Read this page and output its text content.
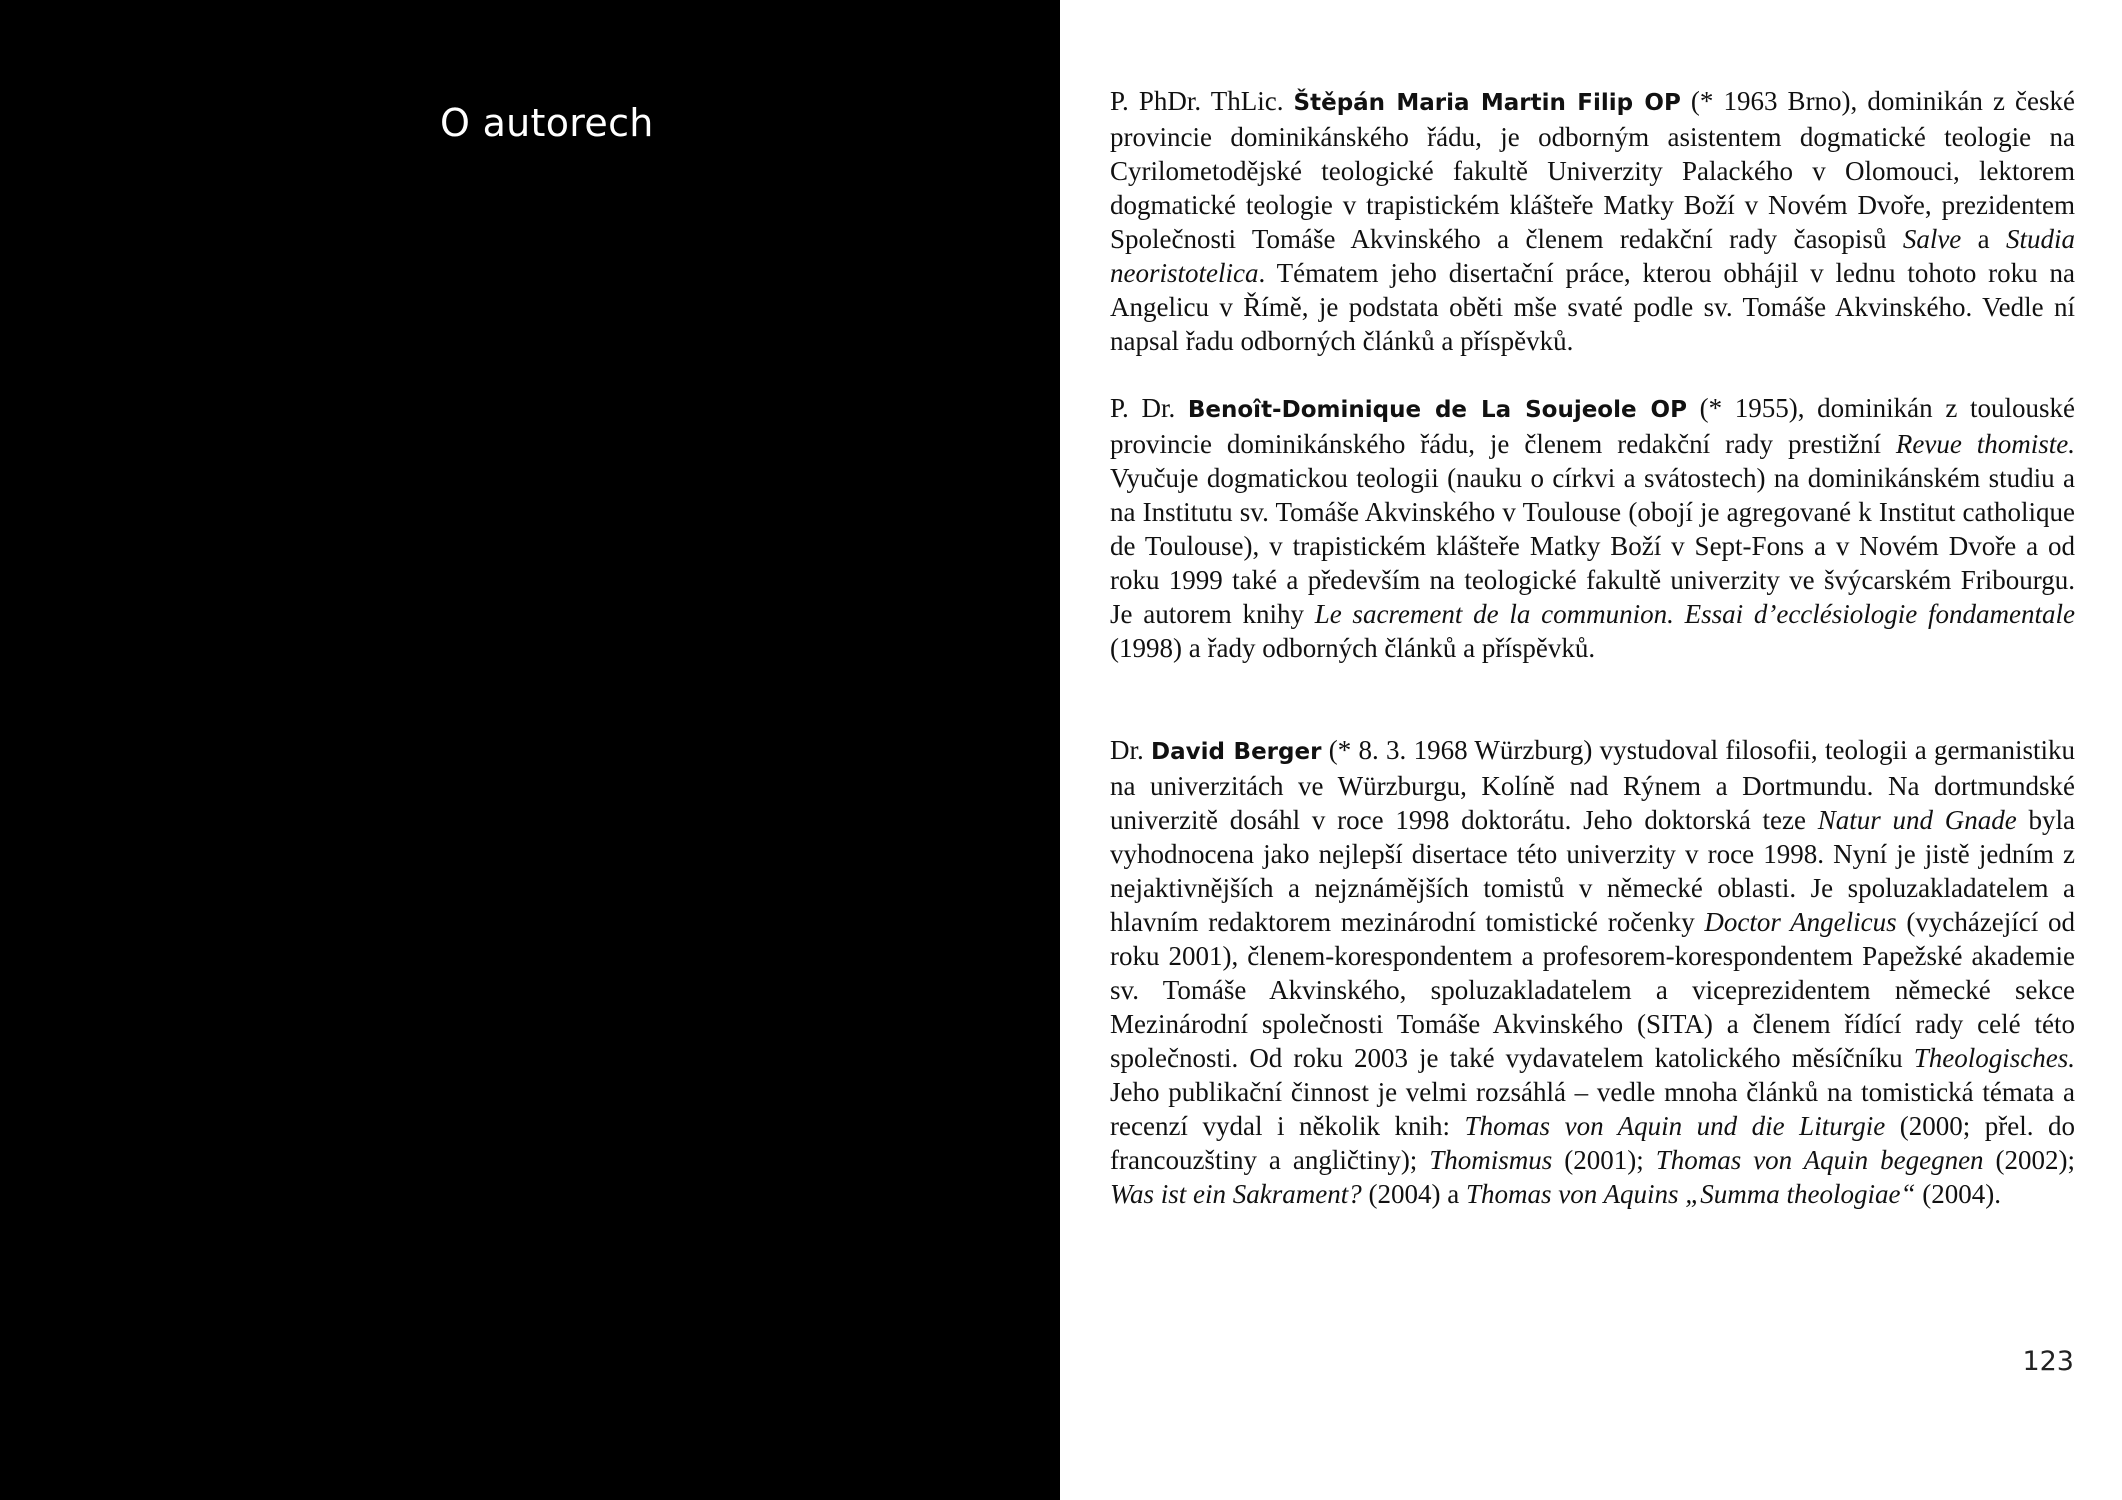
O autorech	P. PhDr. ThLic. Štěpán Maria Martin Filip OP (* 1963 Brno), dominikán z české provincie dominikánského řádu, je odborným asistentem dogmatické teologie na Cyrilometodějské teologické fakultě Univerzity Palackého v Olomouci, lektorem dogmatické teologie v trapistickém klášteře Matky Boží v Novém Dvoře, prezidentem Společnosti Tomáše Akvinského a členem redakční rady časopisů Salve a Studia neoristotelica. Tématem jeho disertační práce, kterou obhájil v lednu tohoto roku na Angelicu v Římě, je podstata oběti mše svaté podle sv. Tomáše Akvinského. Vedle ní napsal řadu odborných článků a příspěvků.

P. Dr. Benoît-Dominique de La Soujeole OP (* 1955), dominikán z toulouské provincie dominikánského řádu, je členem redakční rady prestižní Revue thomiste. Vyučuje dogmatickou teologii (nauku o církvi a svátostech) na dominikánském studiu a na Institutu sv. Tomáše Akvinského v Toulouse (obojí je agregované k Institut catholique de Toulouse), v trapistickém klášteře Matky Boží v Sept-Fons a v Novém Dvoře a od roku 1999 také a především na teologické fakultě univerzity ve švýcarském Fribourgu. Je autorem knihy Le sacrement de la communion. Essai d’ecclésiologie fondamentale (1998) a řady odborných článků a příspěvků.

Dr. David Berger (* 8. 3. 1968 Würzburg) vystudoval filosofii, teologii a germanistiku na univerzitách ve Würzburgu, Kolíně nad Rýnem a Dortmundu. Na dortmundské univerzitě dosáhl v roce 1998 doktorátu. Jeho doktorská teze Natur und Gnade byla vyhodnocena jako nejlepší disertace této univerzity v roce 1998. Nyní je jistě jedním z nejaktivnějších a nejznámějších tomistů v německé oblasti. Je spoluzakladatelem a hlavním redaktorem mezinárodní tomistické ročenky Doctor Angelicus (vycházející od roku 2001), členem-korespondentem a profesorem-korespondentem Papežské akademie sv. Tomáše Akvinského, spoluzakladatelem a viceprezidentem německé sekce Mezinárodní společnosti Tomáše Akvinského (SITA) a členem řídící rady celé této společnosti. Od roku 2003 je také vydavatelem katolického měsíčníku Theologisches. Jeho publikační činnost je velmi rozsáhlá – vedle mnoha článků na tomistická témata a recenzí vydal i několik knih: Thomas von Aquin und die Liturgie (2000; přel. do francouzštiny a angličtiny); Thomismus (2001); Thomas von Aquin begegnen (2002); Was ist ein Sakrament? (2004) a Thomas von Aquins „Summa theologiae“ (2004).

123
